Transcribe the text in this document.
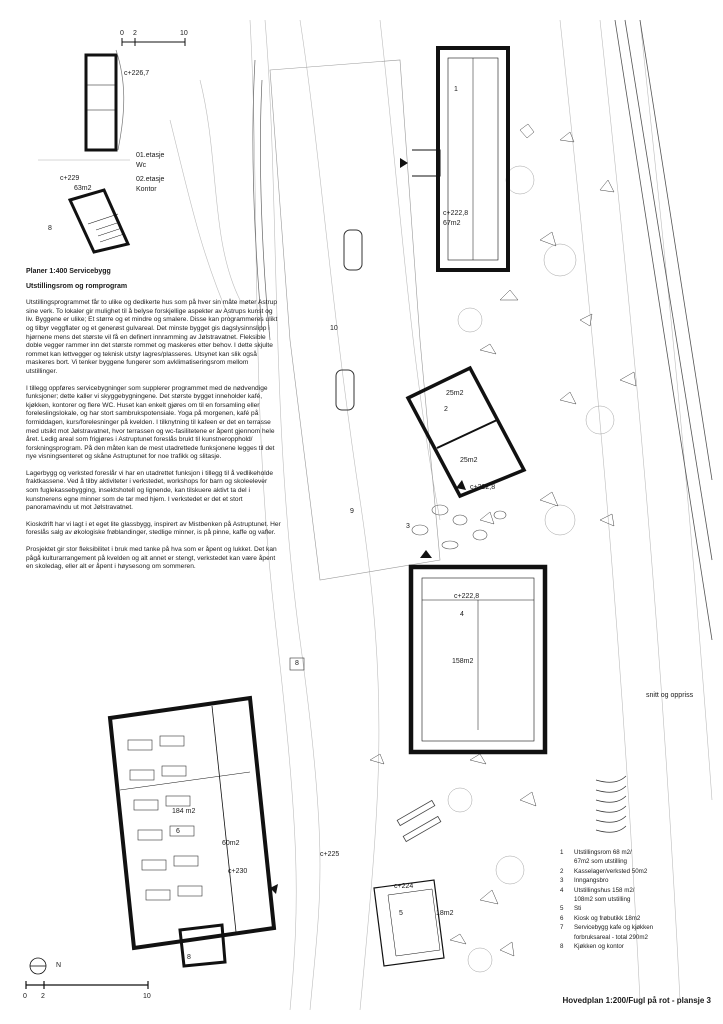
0 2	10
0 2	10
N
c+226,7
01.etasje
Wc
02.etasje
Kontor
c+229
63m2
8
Planer 1:400 Servicebygg
Utstillingsrom og romprogram

Utstillingsprogrammet får to ulike og dedikerte hus som på hver sin måte møter Astrup sine verk. To lokaler gir mulighet til å belyse forskjellige aspekter av Astrups kunst og liv. Byggene er ulike; Et større og et mindre og smalere. Disse kan programmeres ulikt og tilbyr veggflater og et generøst gulvareal. Det minste bygget gis dagslysinnslipp i hjørnene mens det største vil få en definert innramming av Jølstravatnet. Fleksible doble vegger rammer inn det største rommet og maskeres etter behov. I dette skjulte rommet kan lettvegger og teknisk utstyr lagres/plasseres. Utsynet kan slik også maskeres bort. Vi tenker byggene fungerer som avklimatiseringsrom mellom utstillinger.

I tillegg oppføres servicebygninger som supplerer programmet med de nødvendige funksjoner; dette kaller vi skyggebygningene. Det største bygget inneholder kafé, kjøkken, kontorer og flere WC. Huset kan enkelt gjøres om til en forsamling eller foreleslingslokale, og har stort sambrukspotensiale. Yoga på morgenen, kafé på formiddagen, kurs/forelesninger på kvelden. I tilknytning til kafeen er det en terrasse med utsikt mot Jølstravatnet, hvor terrassen og wc-fasilitetene er åpent gjennom hele året. Ledig areal som frigjøres i Astruptunet foreslås brukt til kunstneropphold/ forskningsprogram. På den måten kan de mest utadrettede funksjonene legges til det nye visningsenteret og skåne Astruptunet for noe trafikk og slitasje.

Lagerbygg og verksted foreslår vi har en utadrettet funksjon i tillegg til å vedlikeholde fraktkassene. Ved å tilby aktiviteter i verkstedet, workshops for barn og skoleelever som fuglekassebygging, insektshotell og lignende, kan tilskuere aktivt ta del i kunstnerens egne minner som de tar med hjem. I verkstedet er det et stort panoramavindu ut mot Jølstravatnet.

Kioskdrift har vi lagt i et eget lite glassbygg, inspirert av Mistbenken på Astruptunet. Her foreslås salg av økologiske frøblandinger, stedlige minner, is på pinne, kaffe og vafler.

Prosjektet gir stor fleksibilitet i bruk med tanke på hva som er åpent og lukket. Det kan pågå kulturarrangement på kvelden og alt annet er stengt, verkstedet kan være åpent en skoledag, eller alt er åpent i høysesong om sommeren.

1
c+222,8
67m2
10
25m2
2
25m2
c+222,8
3
9
c+222,8
4
158m2
8
184 m2
6
60m2
c+230
c+225
8
c+224
5	18m2
snitt og oppriss
1	Utstillingsrom 68 m2/
67m2 som utstilling
2	Kasselager/verksted 50m2
3	Inngangsbro
4	Utstillingshus 158 m2/
108m2 som utstilling
5	Sti
6	Kiosk og frøbutikk 18m2
7	Servicebygg kafe og kjøkken
forbruksareal - total 290m2
8	Kjøkken og kontor
Hovedplan 1:200/Fugl på rot - plansje 3
